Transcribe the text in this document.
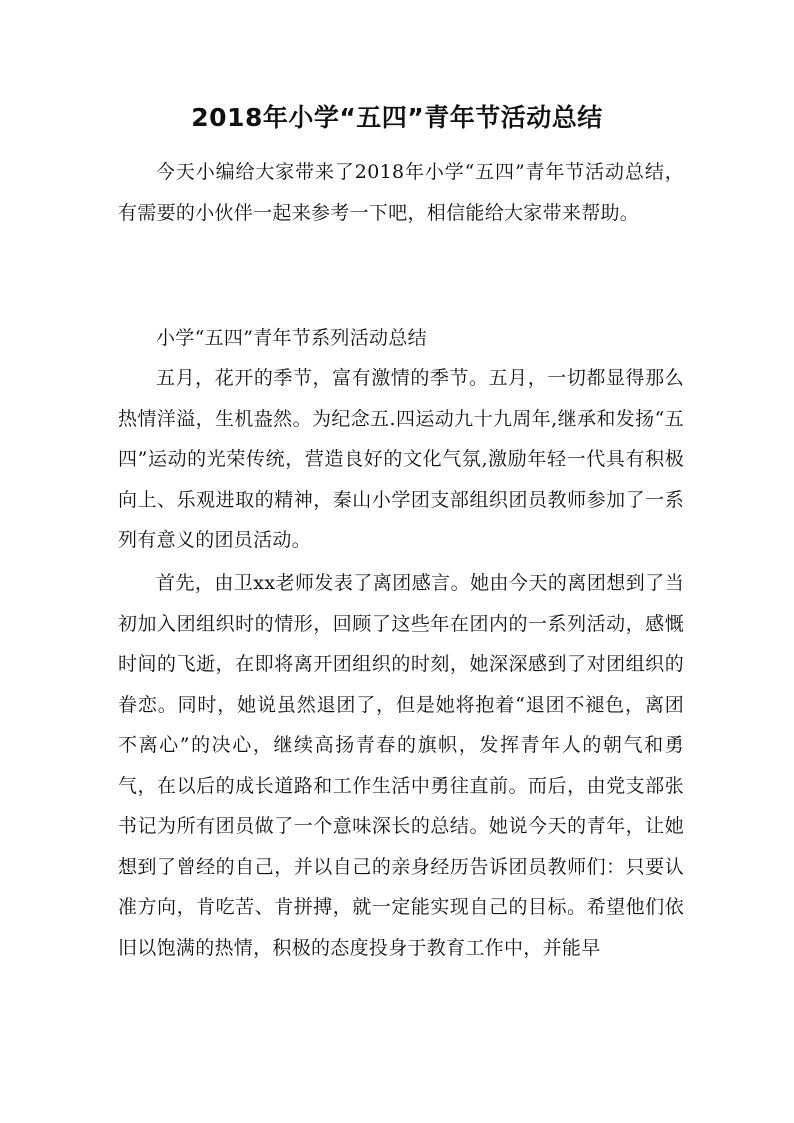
2018年小学“五四”青年节活动总结

今天小编给大家带来了2018年小学“五四”青年节活动总结，有需要的小伙伴一起来参考一下吧，相信能给大家带来帮助。

小学“五四”青年节系列活动总结

五月，花开的季节，富有激情的季节。五月，一切都显得那么热情洋溢，生机盎然。为纪念五.四运动九十九周年,继承和发扬“五四”运动的光荣传统，营造良好的文化气氛,激励年轻一代具有积极向上、乐观进取的精神，秦山小学团支部组织团员教师参加了一系列有意义的团员活动。

首先，由卫xx老师发表了离团感言。她由今天的离团想到了当初加入团组织时的情形，回顾了这些年在团内的一系列活动，感慨时间的飞逝，在即将离开团组织的时刻，她深深感到了对团组织的眷恋。同时，她说虽然退团了，但是她将抱着“退团不褪色，离团不离心”的决心，继续高扬青春的旗帜，发挥青年人的朝气和勇气，在以后的成长道路和工作生活中勇往直前。而后，由党支部张书记为所有团员做了一个意味深长的总结。她说今天的青年，让她想到了曾经的自己，并以自己的亲身经历告诉团员教师们：只要认准方向，肯吃苦、肯拼搏，就一定能实现自己的目标。希望他们依旧以饱满的热情，积极的态度投身于教育工作中，并能早
